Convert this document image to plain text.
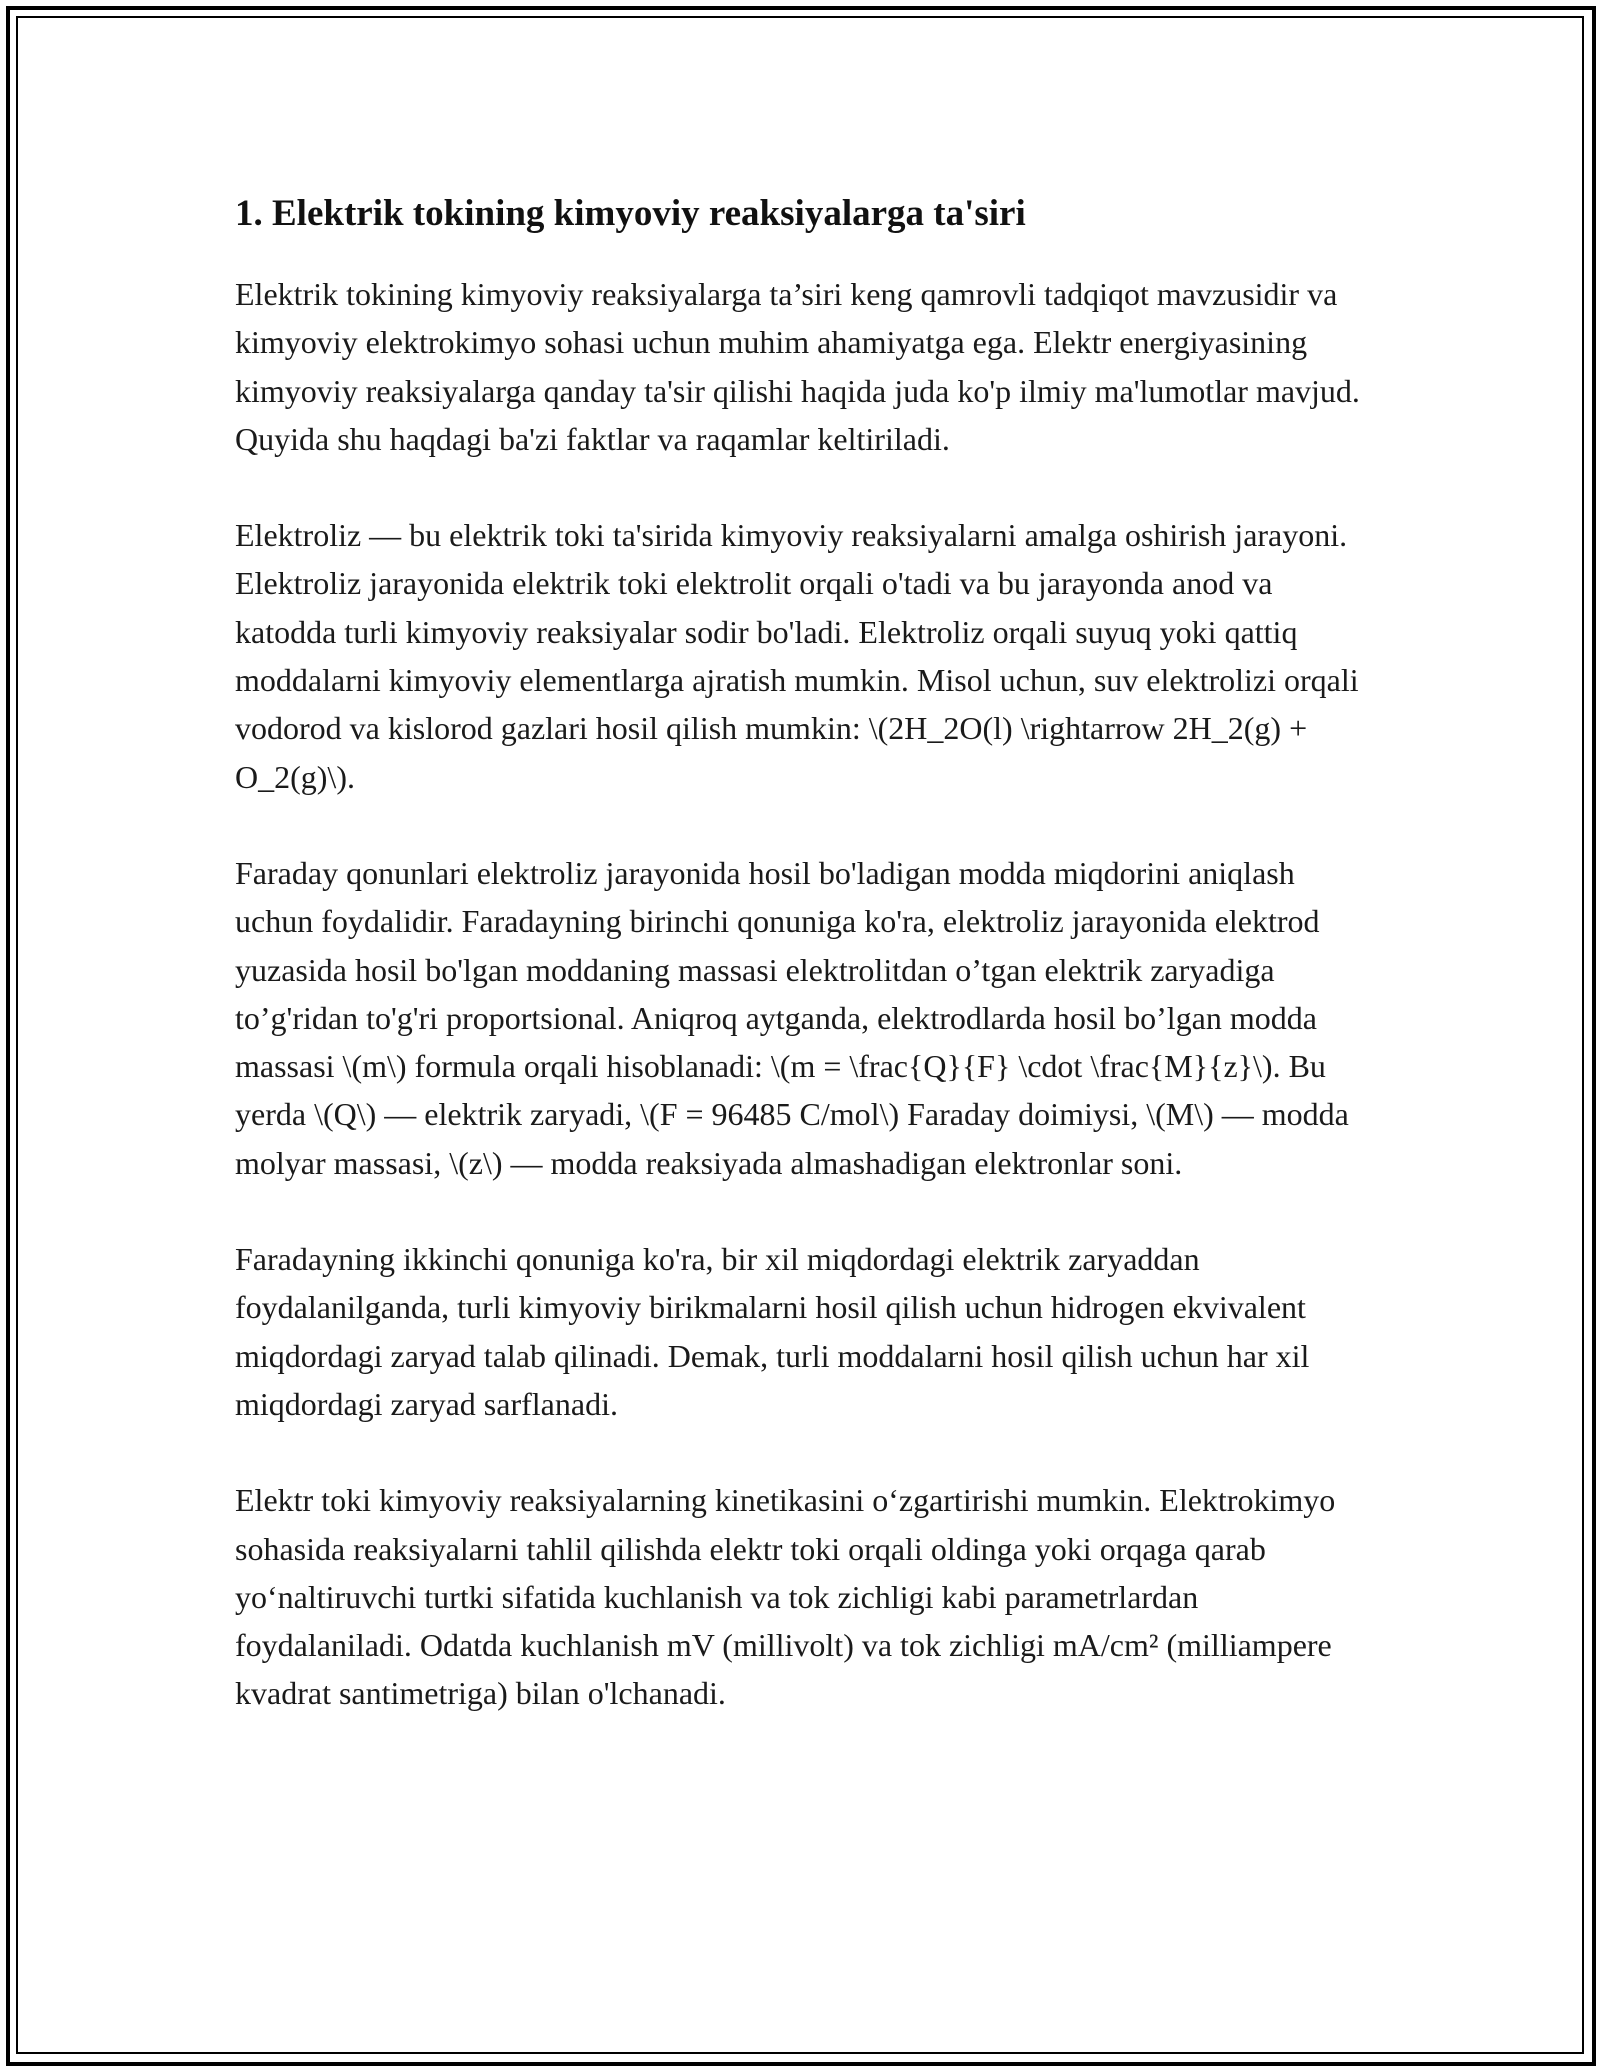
1. Elektrik tokining kimyoviy reaksiyalarga ta'siri

Elektrik tokining kimyoviy reaksiyalarga ta’siri keng qamrovli tadqiqot mavzusidir va kimyoviy elektrokimyo sohasi uchun muhim ahamiyatga ega. Elektr energiyasining kimyoviy reaksiyalarga qanday ta'sir qilishi haqida juda ko'p ilmiy ma'lumotlar mavjud. Quyida shu haqdagi ba'zi faktlar va raqamlar keltiriladi.

Elektroliz — bu elektrik toki ta'sirida kimyoviy reaksiyalarni amalga oshirish jarayoni. Elektroliz jarayonida elektrik toki elektrolit orqali o'tadi va bu jarayonda anod va katodda turli kimyoviy reaksiyalar sodir bo'ladi. Elektroliz orqali suyuq yoki qattiq moddalarni kimyoviy elementlarga ajratish mumkin. Misol uchun, suv elektrolizi orqali vodorod va kislorod gazlari hosil qilish mumkin: \(2H_2O(l) \rightarrow 2H_2(g) + O_2(g)\).

Faraday qonunlari elektroliz jarayonida hosil bo'ladigan modda miqdorini aniqlash uchun foydalidir. Faradayning birinchi qonuniga ko'ra, elektroliz jarayonida elektrod yuzasida hosil bo'lgan moddaning massasi elektrolitdan o’tgan elektrik zaryadiga to’g'ridan to'g'ri proportsional. Aniqroq aytganda, elektrodlarda hosil bo’lgan modda massasi \(m\) formula orqali hisoblanadi: \(m = \frac{Q}{F} \cdot \frac{M}{z}\). Bu yerda \(Q\) — elektrik zaryadi, \(F = 96485 C/mol\) Faraday doimiysi, \(M\) — modda molyar massasi, \(z\) — modda reaksiyada almashadigan elektronlar soni.

Faradayning ikkinchi qonuniga ko'ra, bir xil miqdordagi elektrik zaryaddan foydalanilganda, turli kimyoviy birikmalarni hosil qilish uchun hidrogen ekvivalent miqdordagi zaryad talab qilinadi. Demak, turli moddalarni hosil qilish uchun har xil miqdordagi zaryad sarflanadi.

Elektr toki kimyoviy reaksiyalarning kinetikasini o‘zgartirishi mumkin. Elektrokimyo sohasida reaksiyalarni tahlil qilishda elektr toki orqali oldinga yoki orqaga qarab yo‘naltiruvchi turtki sifatida kuchlanish va tok zichligi kabi parametrlardan foydalaniladi. Odatda kuchlanish mV (millivolt) va tok zichligi mA/cm² (milliampere kvadrat santimetriga) bilan o'lchanadi.
